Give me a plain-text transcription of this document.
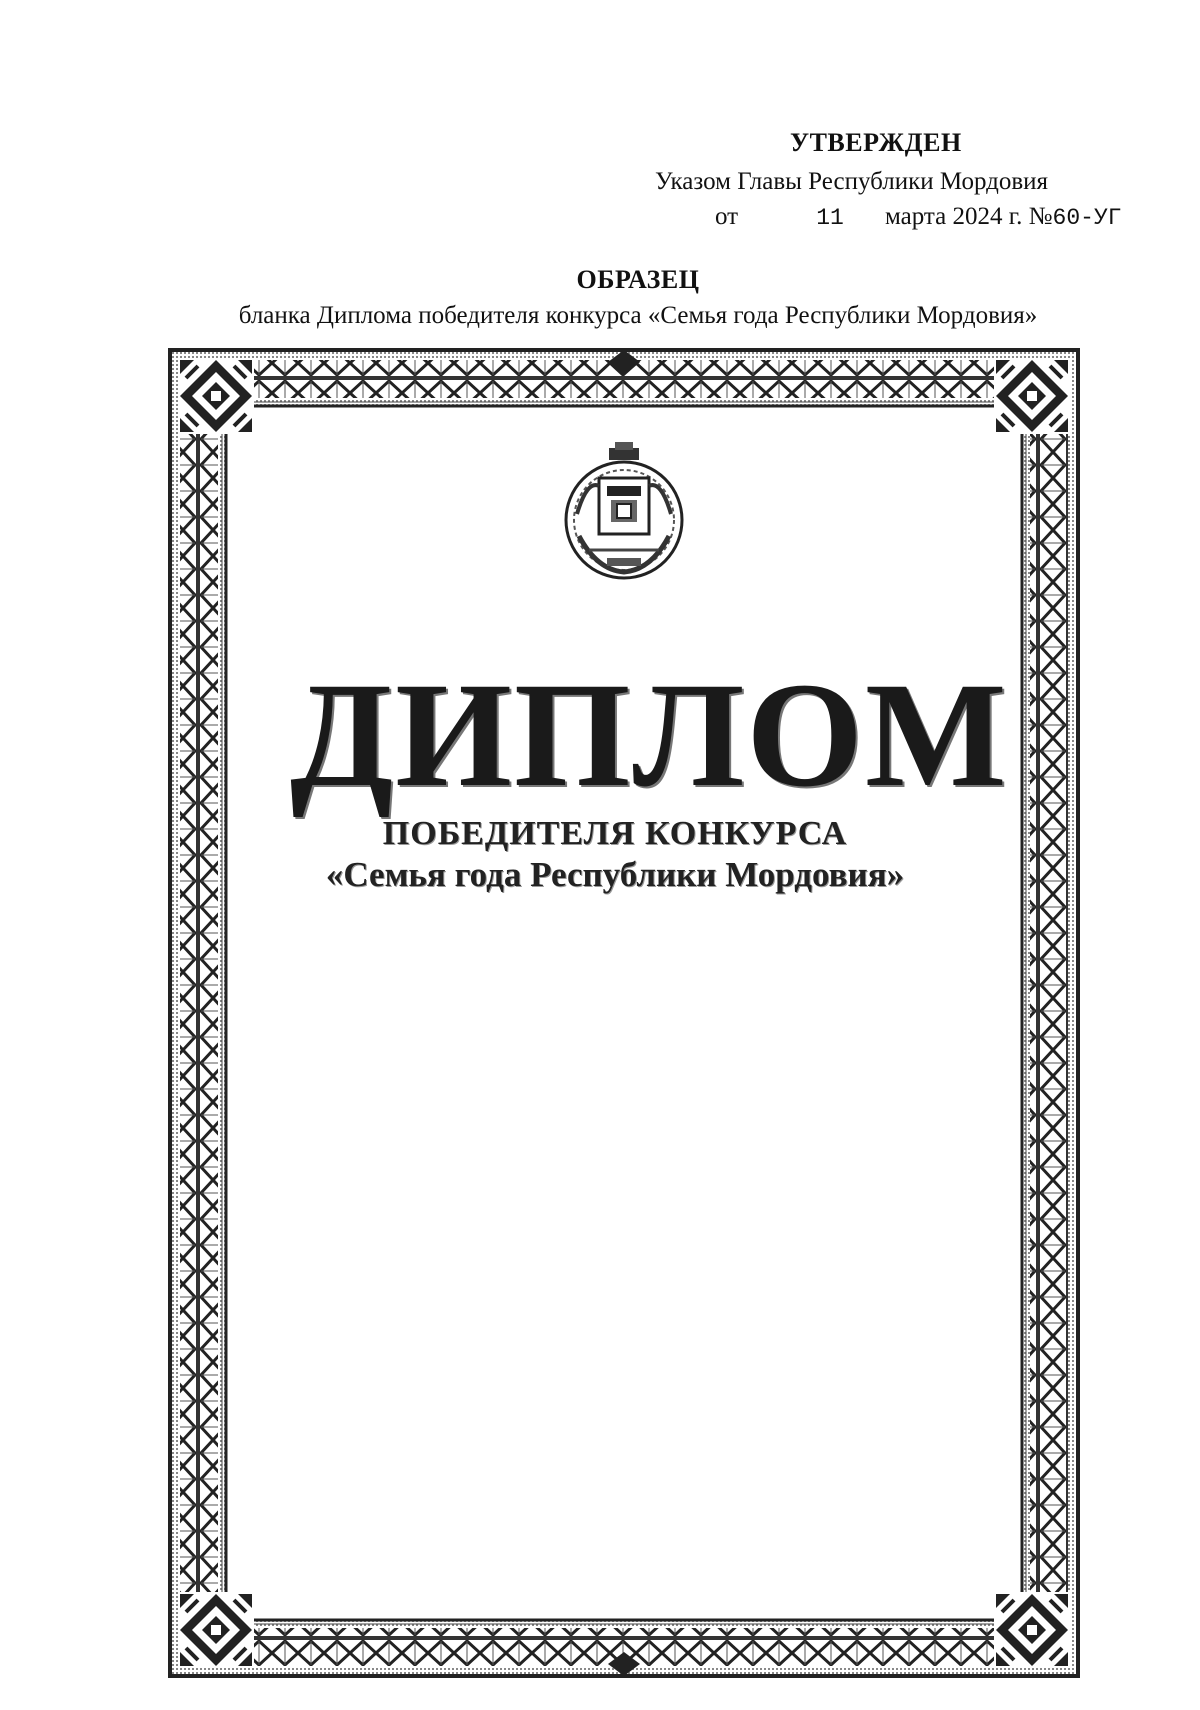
УТВЕРЖДЕН
Указом Главы Республики Мордовия
от	11 марта 2024 г. №60-УГ
ОБРАЗЕЦ
бланка Диплома победителя конкурса «Семья года Республики Мордовия»
ДИПЛОМ
ПОБЕДИТЕЛЯ КОНКУРСА
«Семья года Республики Мордовия»
